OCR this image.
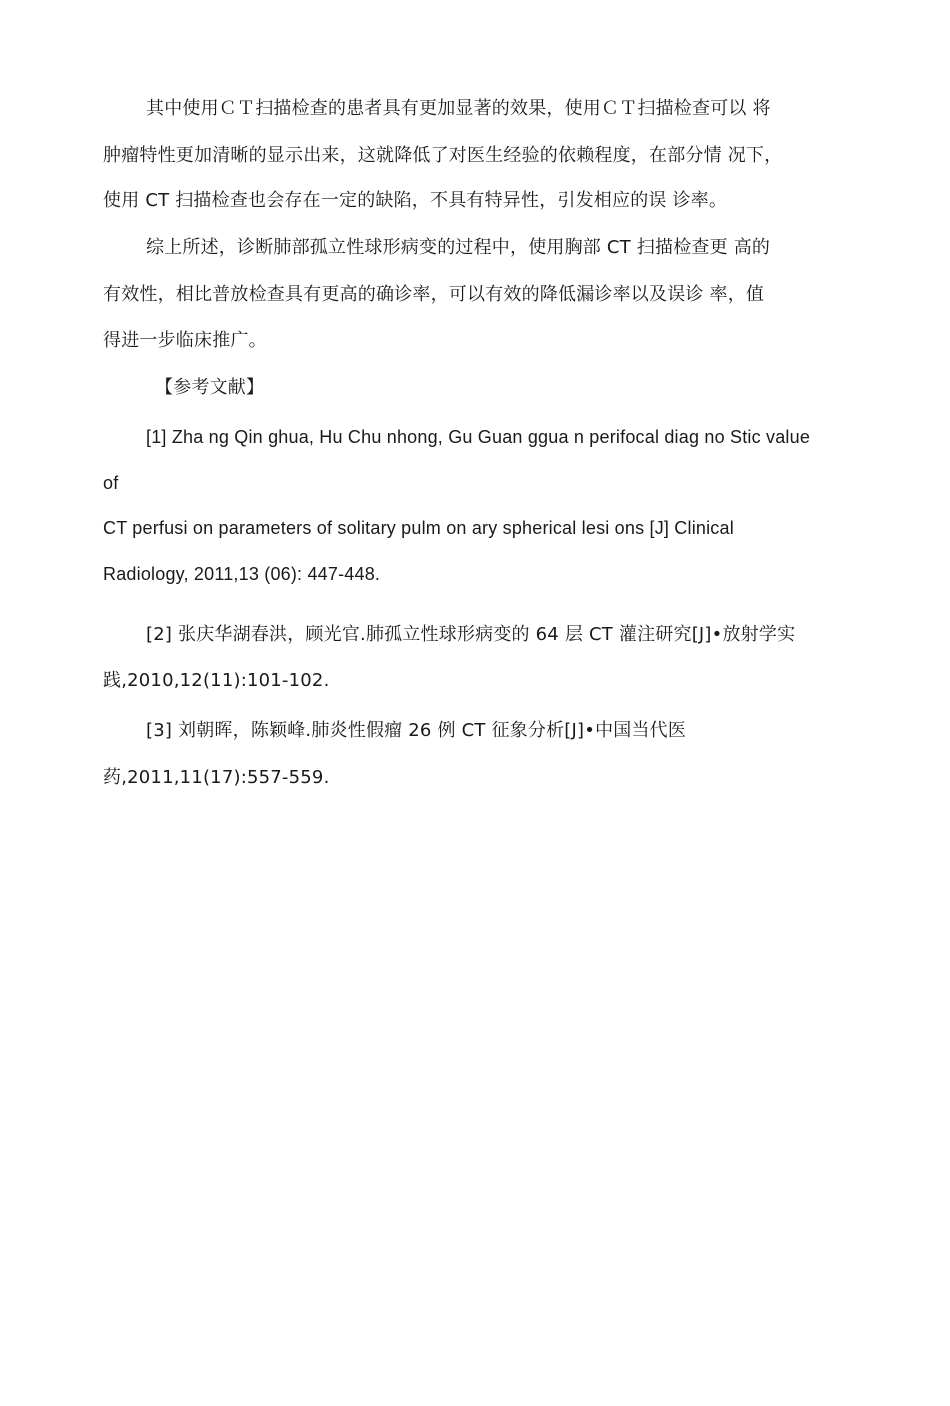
其中使用ＣＴ扫描检查的患者具有更加显著的效果，使用ＣＴ扫描检查可以 将
肿瘤特性更加清晰的显示出来，这就降低了对医生经验的依赖程度，在部分情 况下，
使用 CT 扫描检查也会存在一定的缺陷，不具有特异性，引发相应的误 诊率。
综上所述，诊断肺部孤立性球形病变的过程中，使用胸部 CT 扫描检查更 高的
有效性，相比普放检查具有更高的确诊率，可以有效的降低漏诊率以及误诊 率，值
得进一步临床推广。
【参考文献】
[1] Zha ng Qin ghua, Hu Chu nhong, Gu Guan ggua n perifocal diag no Stic value
of
CT perfusi on parameters of solitary pulm on ary spherical lesi ons [J] Clinical
Radiology, 2011,13 (06): 447-448.
[2] 张庆华湖春洪，顾光官.肺孤立性球形病变的 64 层 CT 灌注研究[J]•放射学实
践,2010,12(11):101-102.
[3] 刘朝晖，陈颖峰.肺炎性假瘤 26 例 CT 征象分析[J]•中国当代医
药,2011,11(17):557-559.
